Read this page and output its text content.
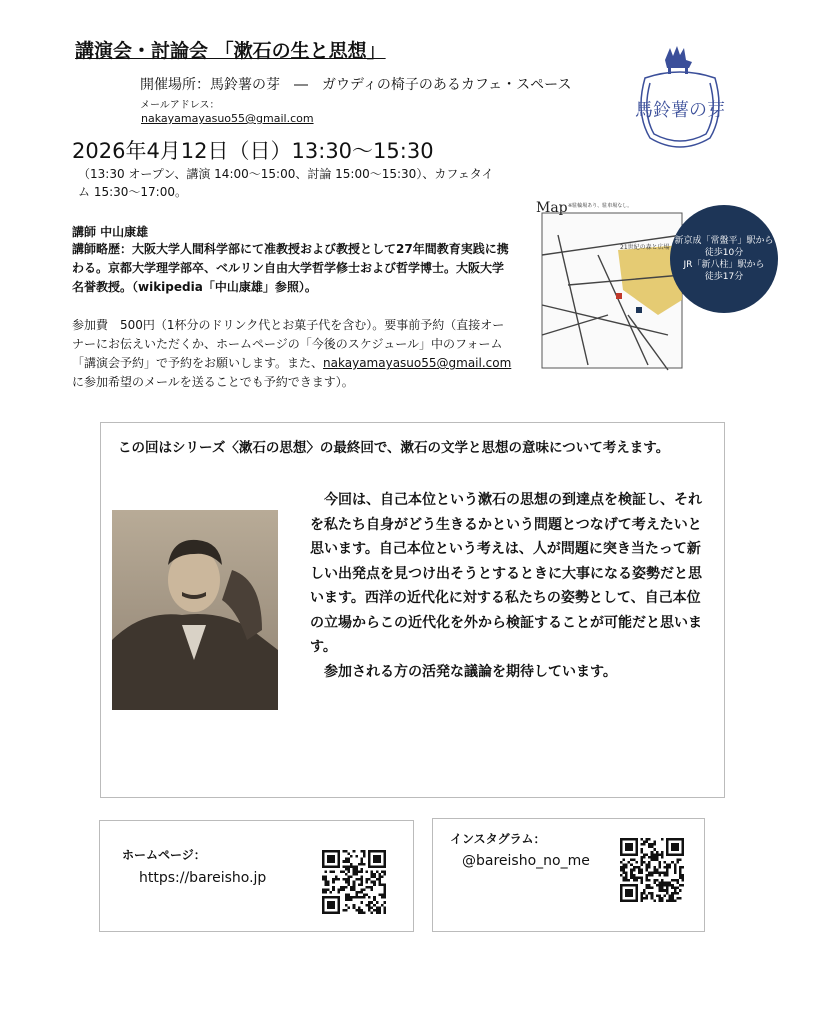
講演会・討論会 「漱石の生と思想」
開催場所：馬鈴薯の芽　―　ガウディの椅子のあるカフェ・スペース
メールアドレス：
nakayamayasuo55@gmail.com
2026年4月12日（日）13:30〜15:30
（13:30 オープン、講演 14:00〜15:00、討論 15:00〜15:30）、カフェタイム 15:30〜17:00。
講師 中山康雄
講師略歴：大阪大学人間科学部にて准教授および教授として27年間教育実践に携わる。京都大学理学部卒、ベルリン自由大学哲学修士および哲学博士。大阪大学名誉教授。（wikipedia「中山康雄」参照）。
参加費　500円（1杯分のドリンク代とお菓子代を含む）。要事前予約（直接オーナーにお伝えいただくか、ホームページの「今後のスケジュール」中のフォーム「講演会予約」で予約をお願いします。また、nakayamayasuo55@gmail.comに参加希望のメールを送ることでも予約できます）。
馬鈴薯の芽
Map ※駐輪場あり、駐車場なし。
21世紀の森と広場
新京成「常盤平」駅から
徒歩10分
JR「新八柱」駅から
徒歩17分
この回はシリーズ〈漱石の思想〉の最終回で、漱石の文学と思想の意味について考えます。
　今回は、自己本位という漱石の思想の到達点を検証し、それを私たち自身がどう生きるかという問題とつなげて考えたいと思います。自己本位という考えは、人が問題に突き当たって新しい出発点を見つけ出そうとするときに大事になる姿勢だと思います。西洋の近代化に対する私たちの姿勢として、自己本位の立場からこの近代化を外から検証することが可能だと思います。
　参加される方の活発な議論を期待しています。
ホームページ：
https://bareisho.jp
インスタグラム：
@bareisho_no_me
